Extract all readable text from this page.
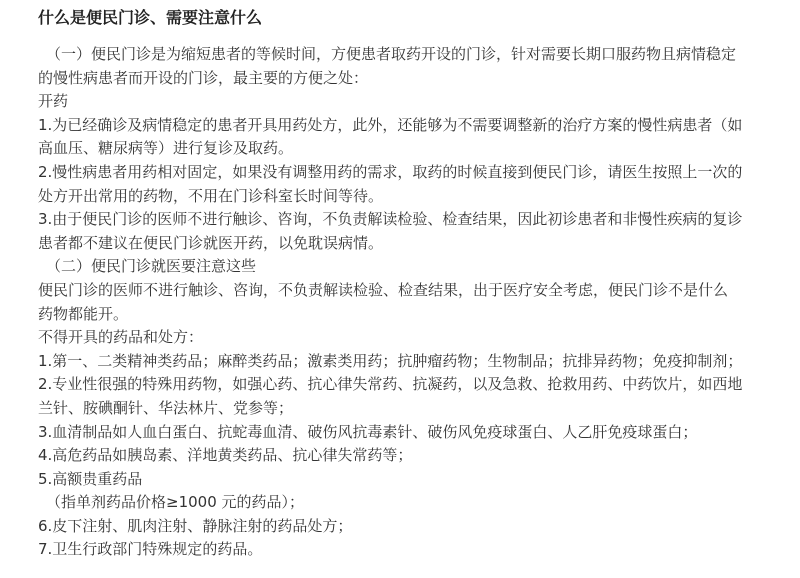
什么是便民门诊、需要注意什么
（一）便民门诊是为缩短患者的等候时间，方便患者取药开设的门诊，针对需要长期口服药物且病情稳定
的慢性病患者而开设的门诊，最主要的方便之处：
开药
1.为已经确诊及病情稳定的患者开具用药处方，此外，还能够为不需要调整新的治疗方案的慢性病患者（如
高血压、糖尿病等）进行复诊及取药。
2.慢性病患者用药相对固定，如果没有调整用药的需求，取药的时候直接到便民门诊，请医生按照上一次的
处方开出常用的药物，不用在门诊科室长时间等待。
3.由于便民门诊的医师不进行触诊、咨询，不负责解读检验、检查结果，因此初诊患者和非慢性疾病的复诊
患者都不建议在便民门诊就医开药，以免耽误病情。
（二）便民门诊就医要注意这些
便民门诊的医师不进行触诊、咨询，不负责解读检验、检查结果，出于医疗安全考虑，便民门诊不是什么
药物都能开。
不得开具的药品和处方：
1.第一、二类精神类药品；麻醉类药品；激素类用药；抗肿瘤药物；生物制品；抗排异药物；免疫抑制剂；
2.专业性很强的特殊用药物，如强心药、抗心律失常药、抗凝药，以及急救、抢救用药、中药饮片，如西地
兰针、胺碘酮针、华法林片、党参等；
3.血清制品如人血白蛋白、抗蛇毒血清、破伤风抗毒素针、破伤风免疫球蛋白、人乙肝免疫球蛋白；
4.高危药品如胰岛素、洋地黄类药品、抗心律失常药等；
5.高额贵重药品
（指单剂药品价格≥1000 元的药品）；
6.皮下注射、肌肉注射、静脉注射的药品处方；
7.卫生行政部门特殊规定的药品。
